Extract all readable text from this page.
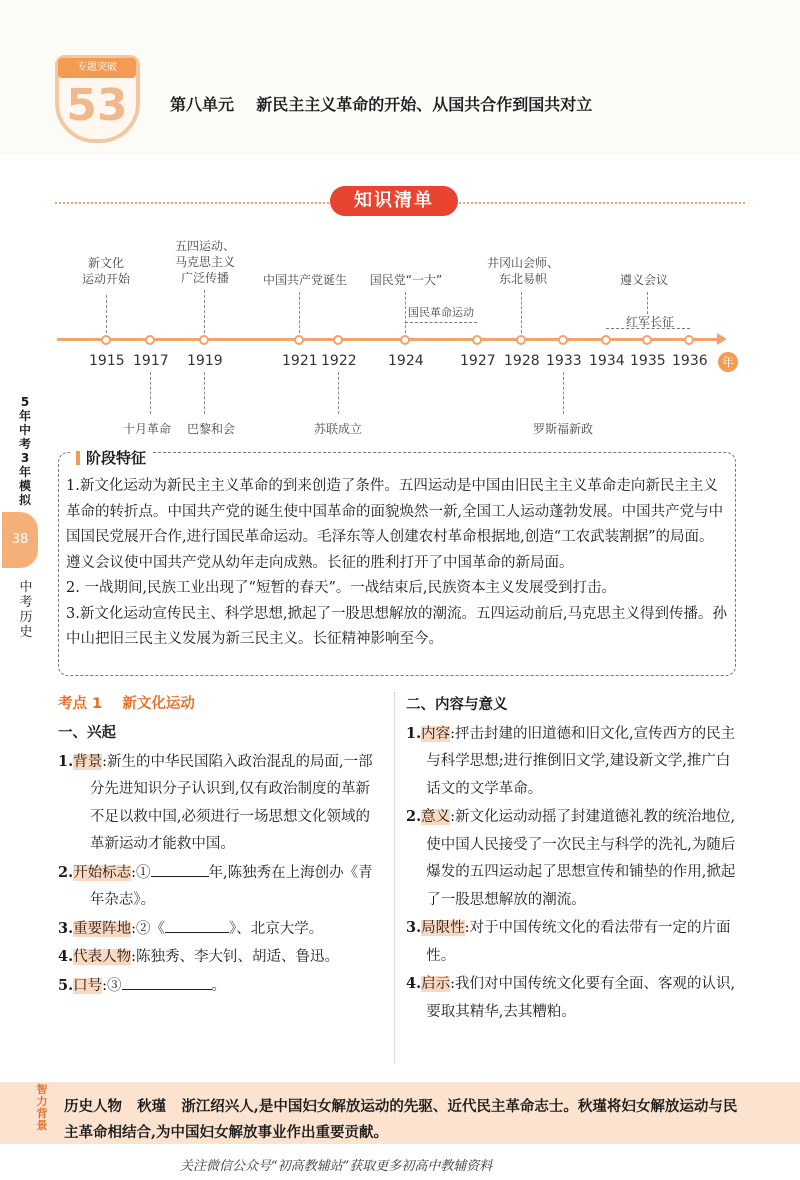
专题突破
53	第八单元    新民主主义革命的开始、从国共合作到国共对立
知识清单
年
1915 1917 1919	1921 1922 1924	1927 1928 1933 1934 1935 1936
新文化
运动开始
五四运动、
马克思主义
广泛传播	中国共产党诞生	国民党“一大”
井冈山会师、
东北易帜	遵义会议
国民革命运动
红军长征
十月革命	巴黎和会	苏联成立	罗斯福新政
5年中考3年模拟
38
中考历史
阶段特征

1.新文化运动为新民主主义革命的到来创造了条件。五四运动是中国由旧民主主义革命走向新民主主义革命的转折点。中国共产党的诞生使中国革命的面貌焕然一新,全国工人运动蓬勃发展。中国共产党与中国国民党展开合作,进行国民革命运动。毛泽东等人创建农村革命根据地,创造“工农武装割据”的局面。遵义会议使中国共产党从幼年走向成熟。长征的胜利打开了中国革命的新局面。

2. 一战期间,民族工业出现了“短暂的春天”。一战结束后,民族资本主义发展受到打击。

3.新文化运动宣传民主、科学思想,掀起了一股思想解放的潮流。五四运动前后,马克思主义得到传播。孙中山把旧三民主义发展为新三民主义。长征精神影响至今。

考点 1    新文化运动
一、兴起

1.背景:新生的中华民国陷入政治混乱的局面,一部分先进知识分子认识到,仅有政治制度的革新不足以救中国,必须进行一场思想文化领域的革新运动才能救中国。

2.开始标志:①	年,陈独秀在上海创办《青年杂志》。

3.重要阵地:②《	》、北京大学。

4.代表人物:陈独秀、李大钊、胡适、鲁迅。

5.口号:③	。

二、内容与意义

1.内容:抨击封建的旧道德和旧文化,宣传西方的民主与科学思想;进行推倒旧文学,建设新文学,推广白话文的文学革命。

2.意义:新文化运动动摇了封建道德礼教的统治地位,使中国人民接受了一次民主与科学的洗礼,为随后爆发的五四运动起了思想宣传和铺垫的作用,掀起了一股思想解放的潮流。

3.局限性:对于中国传统文化的看法带有一定的片面性。

4.启示:我们对中国传统文化要有全面、客观的认识,要取其精华,去其糟粕。

智力背景
历史人物 秋瑾 浙江绍兴人,是中国妇女解放运动的先驱、近代民主革命志士。秋瑾将妇女解放运动与民主革命相结合,为中国妇女解放事业作出重要贡献。
关注微信公众号“初高教辅站”获取更多初高中教辅资料
